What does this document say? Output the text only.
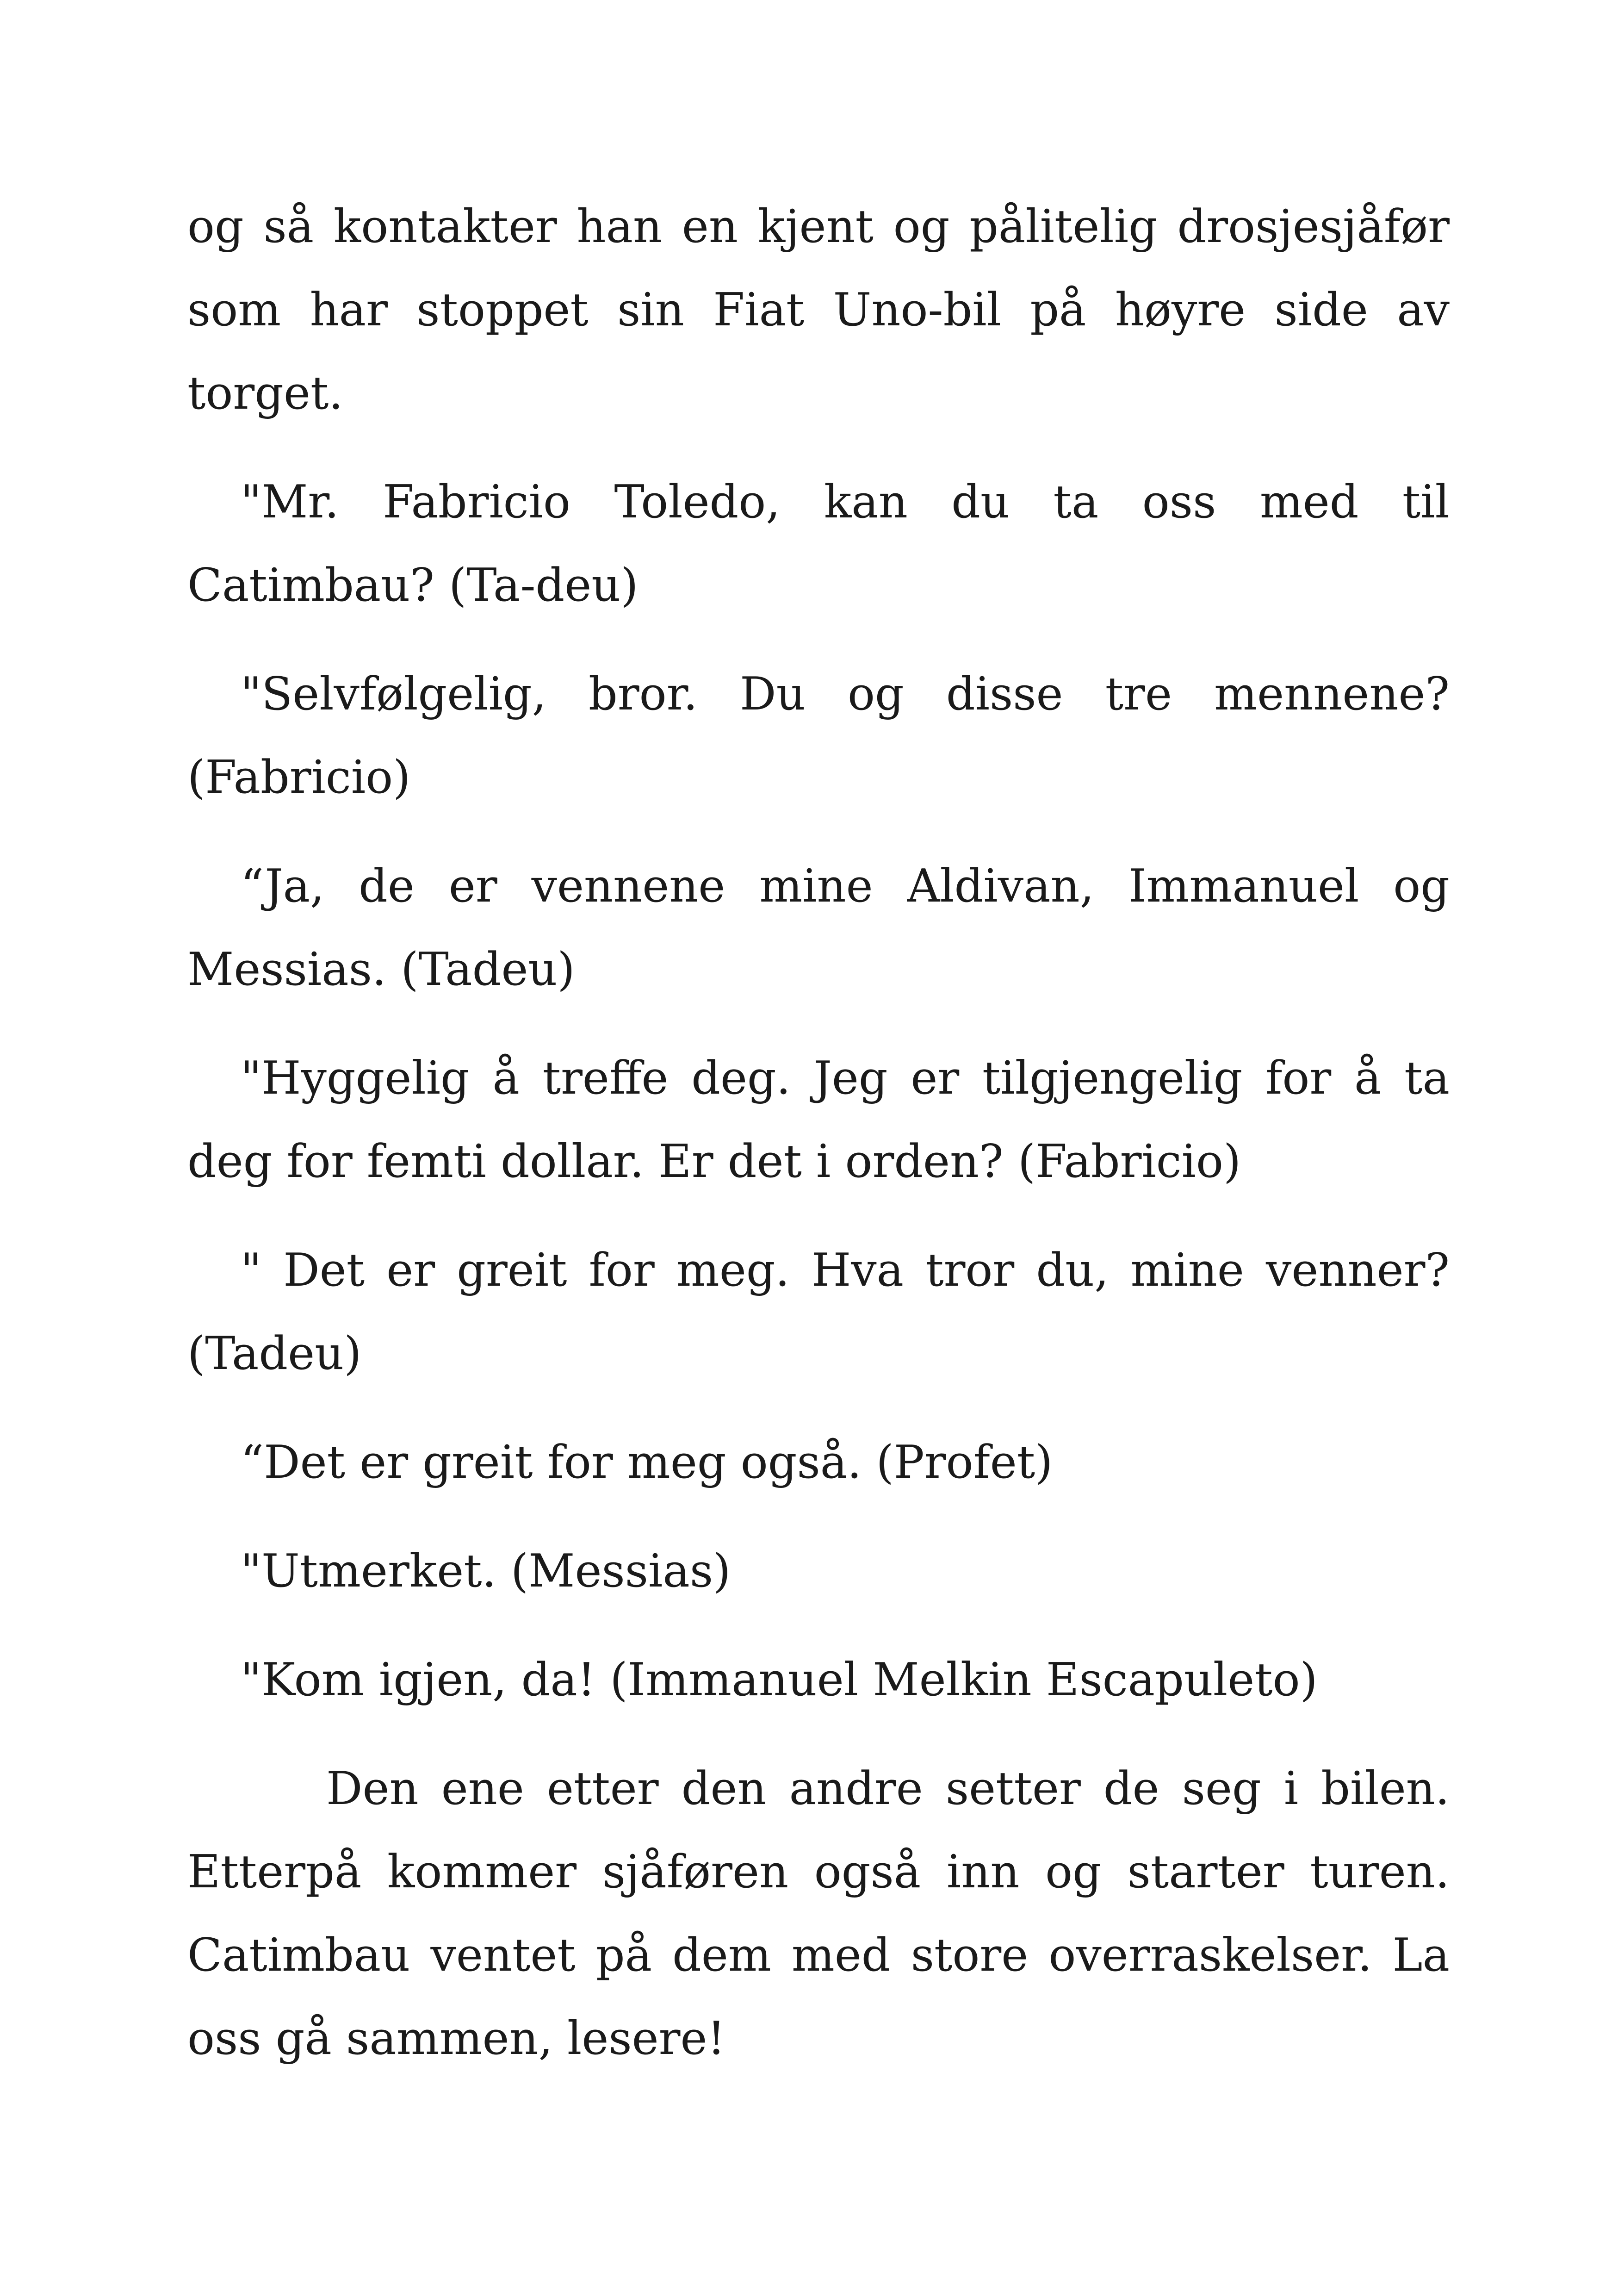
og så kontakter han en kjent og pålitelig drosjesjåfør som har stoppet sin Fiat Uno-bil på høyre side av torget.

"Mr. Fabricio Toledo, kan du ta oss med til Catimbau? (Ta-deu)

"Selvfølgelig, bror. Du og disse tre mennene? (Fabricio)

“Ja, de er vennene mine Aldivan, Immanuel og Messias. (Tadeu)

"Hyggelig å treffe deg. Jeg er tilgjengelig for å ta deg for femti dollar. Er det i orden? (Fabricio)

" Det er greit for meg. Hva tror du, mine venner? (Tadeu)

“Det er greit for meg også. (Profet)

"Utmerket. (Messias)

"Kom igjen, da! (Immanuel Melkin Escapuleto)

Den ene etter den andre setter de seg i bilen. Etterpå kommer sjåføren også inn og starter turen. Catimbau ventet på dem med store overraskelser. La oss gå sammen, lesere!
